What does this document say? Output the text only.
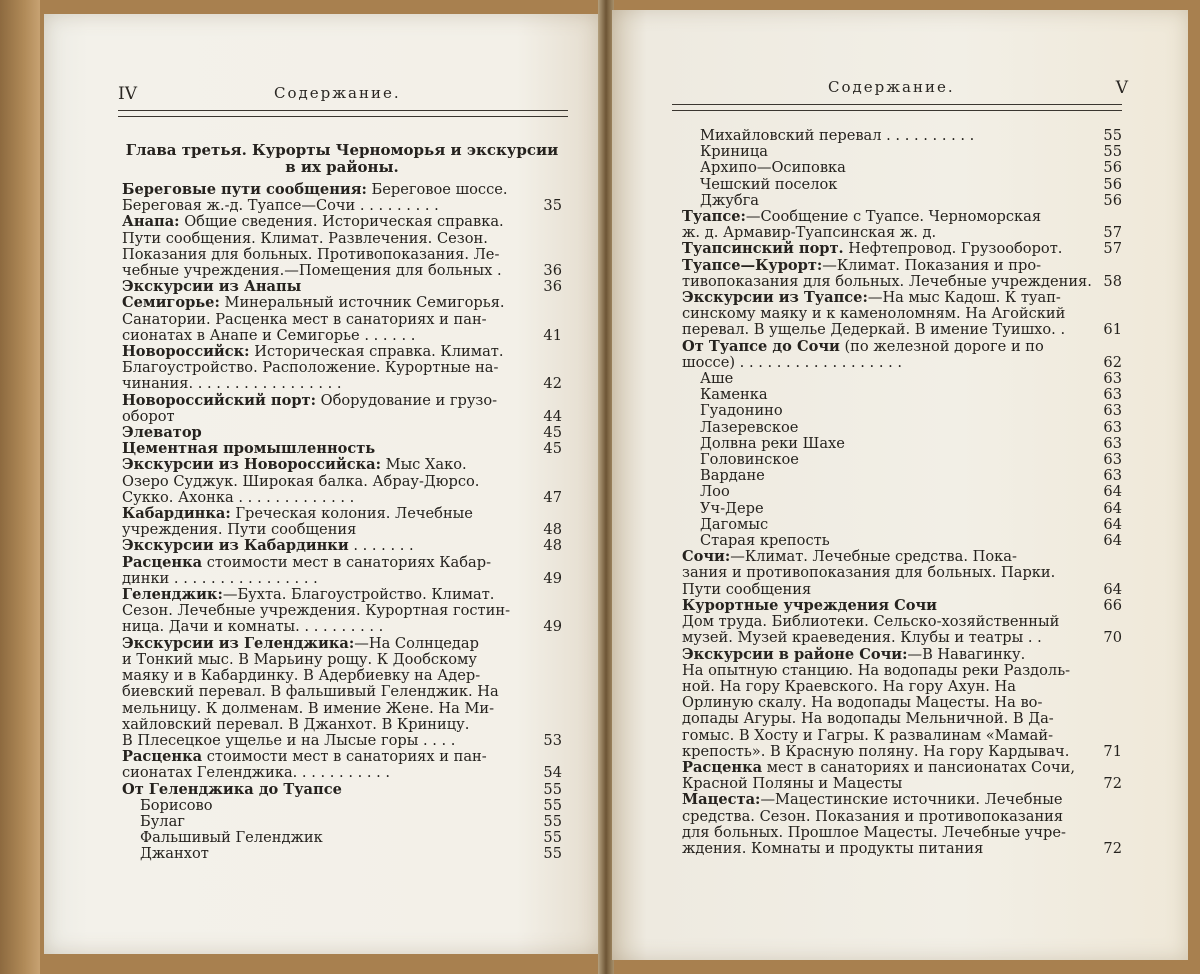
IV	Содержание.
Глава третья. Курорты Черноморья и экскурсии
в их районы.
Береговые пути сообщения: Береговое шоссе.
Береговая ж.-д. Туапсе—Сочи . . . . . . . . .	35
Анапа: Общие сведения. Историческая справка.
Пути сообщения. Климат. Развлечения. Сезон.
Показания для больных. Противопоказания. Ле-
чебные учреждения.—Помещения для больных .	36
Экскурсии из Анапы	36
Семигорье: Минеральный источник Семигорья.
Санатории. Расценка мест в санаториях и пан-
сионатах в Анапе и Семигорье . . . . . .	41
Новороссийск: Историческая справка. Климат.
Благоустройство. Расположение. Курортные на-
чинания. . . . . . . . . . . . . . . . .	42
Новороссийский порт: Оборудование и грузо-
оборот	44
Элеватор	45
Цементная промышленность	45
Экскурсии из Новороссийска: Мыс Хако.
Озеро Суджук. Широкая балка. Абрау-Дюрсо.
Сукко. Ахонка . . . . . . . . . . . . .	47
Кабардинка: Греческая колония. Лечебные
учреждения. Пути сообщения	48
Экскурсии из Кабардинки . . . . . . .	48
Расценка стоимости мест в санаториях Кабар-
динки . . . . . . . . . . . . . . . .	49
Геленджик:—Бухта. Благоустройство. Климат.
Сезон. Лечебные учреждения. Курортная гостин-
ница. Дачи и комнаты. . . . . . . . . .	49
Экскурсии из Геленджика:—На Солнцедар
и Тонкий мыс. В Марьину рощу. К Дообскому
маяку и в Кабардинку. В Адербиевку на Адер-
биевский перевал. В фальшивый Геленджик. На
мельницу. К долменам. В имение Жене. На Ми-
хайловский перевал. В Джанхот. В Криницу.
В Плесецкое ущелье и на Лысые горы . . . .	53
Расценка стоимости мест в санаториях и пан-
сионатах Геленджика. . . . . . . . . . .	54
От Геленджика до Туапсе	55
Борисово	55
Булаг	55
Фальшивый Геленджик	55
Джанхот	55
Содержание.	V
Михайловский перевал . . . . . . . . . .	55
Криница	55
Архипо—Осиповка	56
Чешский поселок	56
Джубга	56
Туапсе:—Сообщение с Туапсе. Черноморская
ж. д. Армавир-Туапсинская ж. д.	57
Туапсинский порт. Нефтепровод. Грузооборот.	57
Туапсе—Курорт:—Климат. Показания и про-
тивопоказания для больных. Лечебные учреждения. 58
Экскурсии из Туапсе:—На мыс Кадош. К туап-
синскому маяку и к каменоломням. На Агойский
перевал. В ущелье Дедеркай. В имение Туишхо. .	61
От Туапсе до Сочи (по железной дороге и по
шоссе) . . . . . . . . . . . . . . . . . .	62
Аше	63
Каменка	63
Гуадонино	63
Лазеревское	63
Долвна реки Шахе	63
Головинское	63
Вардане	63
Лоо	64
Уч-Дере	64
Дагомыс	64
Старая крепость	64
Сочи:—Климат. Лечебные средства. Пока-
зания и противопоказания для больных. Парки.
Пути сообщения	64
Курортные учреждения Сочи	66
Дом труда. Библиотеки. Сельско-хозяйственный
музей. Музей краеведения. Клубы и театры . .	70
Экскурсии в районе Сочи:—В Навагинку.
На опытную станцию. На водопады реки Раздоль-
ной. На гору Краевского. На гору Ахун. На
Орлиную скалу. На водопады Мацесты. На во-
допады Агуры. На водопады Мельничной. В Да-
гомыс. В Хосту и Гагры. К развалинам «Мамай-
крепость». В Красную поляну. На гору Кардывач. 71
Расценка мест в санаториях и пансионатах Сочи,
Красной Поляны и Мацесты	72
Мацеста:—Мацестинские источники. Лечебные
средства. Сезон. Показания и противопоказания
для больных. Прошлое Мацесты. Лечебные учре-
ждения. Комнаты и продукты питания	72
